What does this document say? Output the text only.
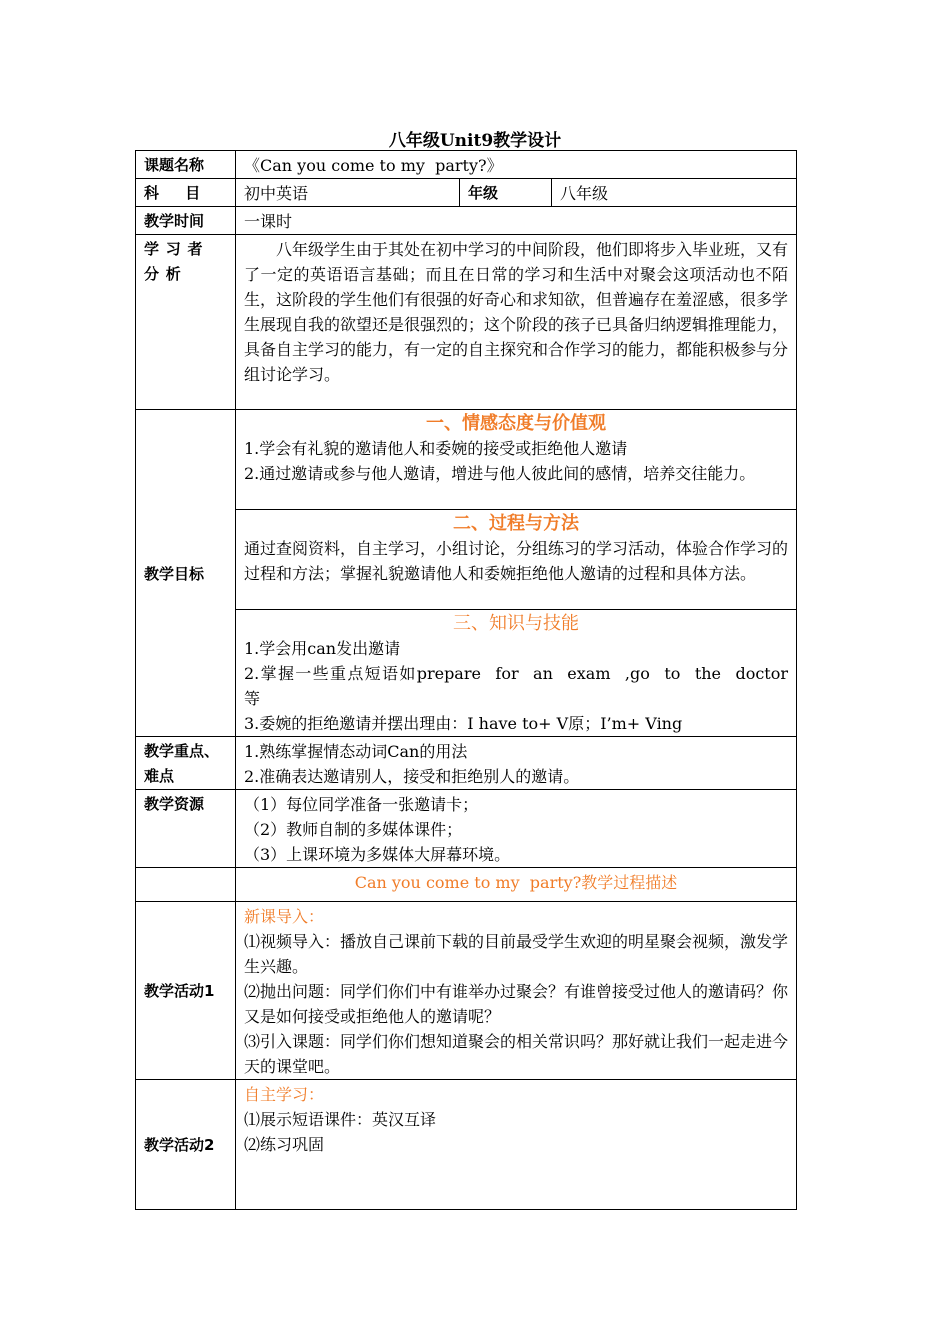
八年级Unit9教学设计
课题名称	《Can you come to my  party?》		
科  目	初中英语	年级	八年级
教学时间	一课时		
学习者分析	八年级学生由于其处在初中学习的中间阶段，他们即将步入毕业班，又有了一定的英语语言基础；而且在日常的学习和生活中对聚会这项活动也不陌生，这阶段的学生他们有很强的好奇心和求知欲，但普遍存在羞涩感，很多学生展现自我的欲望还是很强烈的；这个阶段的孩子已具备归纳逻辑推理能力，具备自主学习的能力，有一定的自主探究和合作学习的能力，都能积极参与分组讨论学习。		

教学目标	一、情感态度与价值观
1.学会有礼貌的邀请他人和委婉的接受或拒绝他人邀请
2.通过邀请或参与他人邀请，增进与他人彼此间的感情，培养交往能力。		

	二、过程与方法
通过查阅资料，自主学习，小组讨论，分组练习的学习活动，体验合作学习的过程和方法；掌握礼貌邀请他人和委婉拒绝他人邀请的过程和具体方法。		

	三、知识与技能
1.学会用can发出邀请
2.掌握一些重点短语如prepare for an exam ,go to the doctor 等
3.委婉的拒绝邀请并摆出理由：I have to+ V原；I’m+ Ving		

教学重点、难点	1.熟练掌握情态动词Can的用法
2.准确表达邀请别人，接受和拒绝别人的邀请。		

教学资源	（1）每位同学准备一张邀请卡；
（2）教师自制的多媒体课件；
（3）上课环境为多媒体大屏幕环境。		

	Can you come to my  party?教学过程描述		
教学活动1	新课导入：
⑴视频导入：播放自己课前下载的目前最受学生欢迎的明星聚会视频，激发学生兴趣。
⑵抛出问题：同学们你们中有谁举办过聚会？有谁曾接受过他人的邀请码？你又是如何接受或拒绝他人的邀请呢？
⑶引入课题：同学们你们想知道聚会的相关常识吗？那好就让我们一起走进今天的课堂吧。		

教学活动2	自主学习：
⑴展示短语课件：英汉互译
⑵练习巩固		
